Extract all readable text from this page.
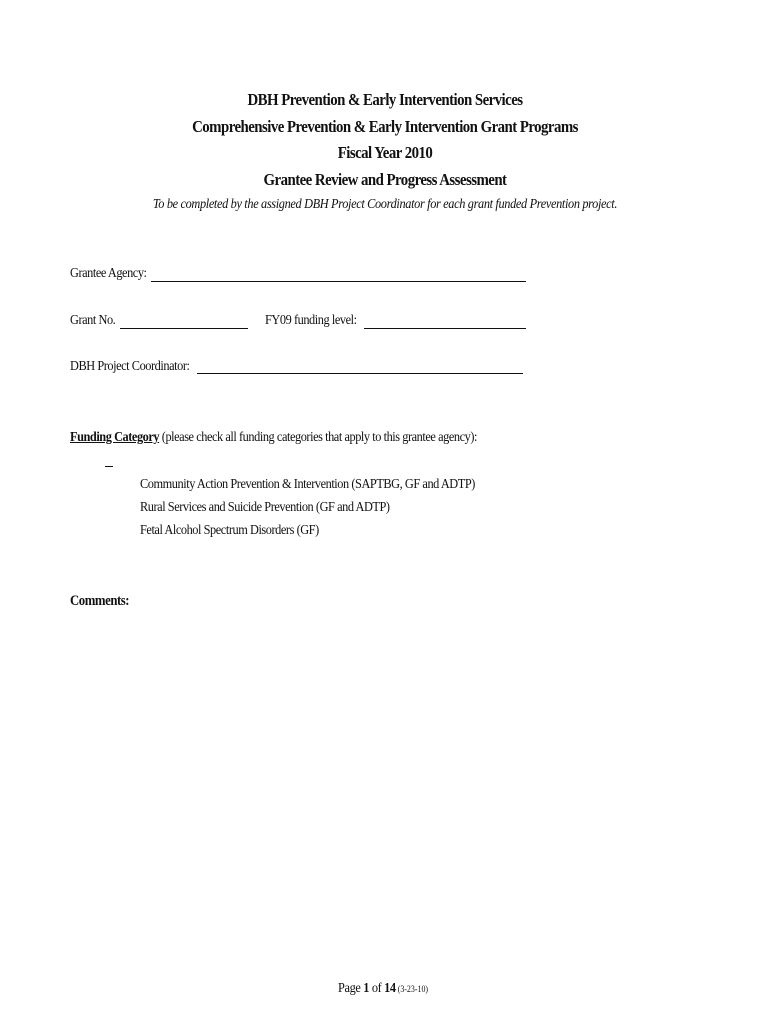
DBH Prevention & Early Intervention Services
Comprehensive Prevention & Early Intervention Grant Programs
Fiscal Year 2010
Grantee Review and Progress Assessment
To be completed by the assigned DBH Project Coordinator for each grant funded Prevention project.
Grantee Agency:
Grant No.	FY09 funding level:
DBH Project Coordinator:
Funding Category (please check all funding categories that apply to this grantee agency):
Community Action Prevention & Intervention (SAPTBG, GF and ADTP)
Rural Services and Suicide Prevention (GF and ADTP)
Fetal Alcohol Spectrum Disorders (GF)
Comments:
Page 1 of 14 (3-23-10)
